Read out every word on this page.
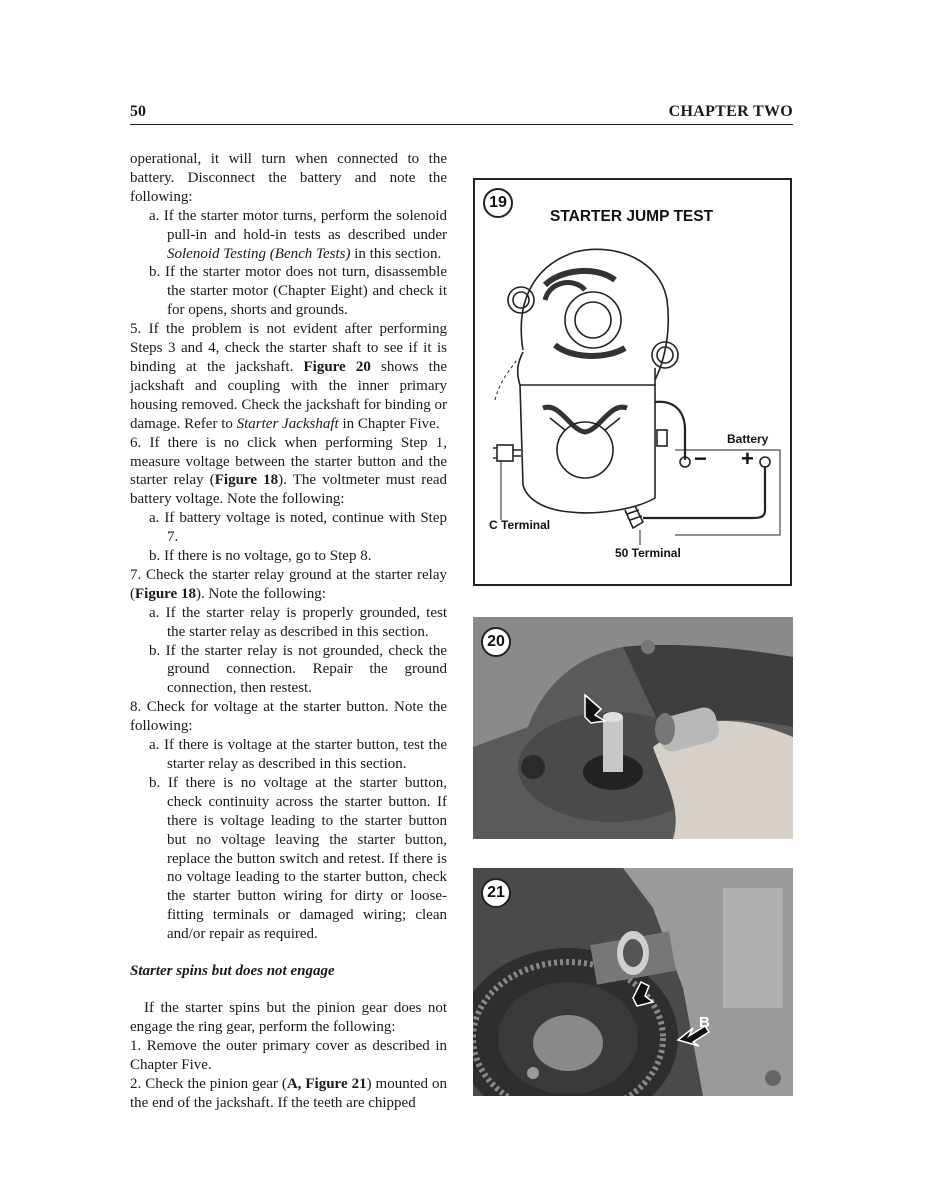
50	CHAPTER TWO

operational, it will turn when connected to the battery. Disconnect the battery and note the following:

a. If the starter motor turns, perform the solenoid pull-in and hold-in tests as described under Solenoid Testing (Bench Tests) in this section.

b. If the starter motor does not turn, disassemble the starter motor (Chapter Eight) and check it for opens, shorts and grounds.

5. If the problem is not evident after performing Steps 3 and 4, check the starter shaft to see if it is binding at the jackshaft. Figure 20 shows the jackshaft and coupling with the inner primary housing removed. Check the jackshaft for binding or damage. Refer to Starter Jackshaft in Chapter Five.

6. If there is no click when performing Step 1, measure voltage between the starter button and the starter relay (Figure 18). The voltmeter must read battery voltage. Note the following:

a. If battery voltage is noted, continue with Step 7.

b. If there is no voltage, go to Step 8.

7. Check the starter relay ground at the starter relay (Figure 18). Note the following:

a. If the starter relay is properly grounded, test the starter relay as described in this section.

b. If the starter relay is not grounded, check the ground connection. Repair the ground connection, then restest.

8. Check for voltage at the starter button. Note the following:

a. If there is voltage at the starter button, test the starter relay as described in this section.

b. If there is no voltage at the starter button, check continuity across the starter button. If there is voltage leading to the starter button but no voltage leaving the starter button, replace the button switch and retest. If there is no voltage leading to the starter button, check the starter button wiring for dirty or loose-fitting terminals or damaged wiring; clean and/or repair as required.

Starter spins but does not engage

If the starter spins but the pinion gear does not engage the ring gear, perform the following:

1. Remove the outer primary cover as described in Chapter Five.

2. Check the pinion gear (A, Figure 21) mounted on the end of the jackshaft. If the teeth are chipped

19
STARTER JUMP TEST
Battery
− +
C Terminal
50 Terminal
20
21
B
